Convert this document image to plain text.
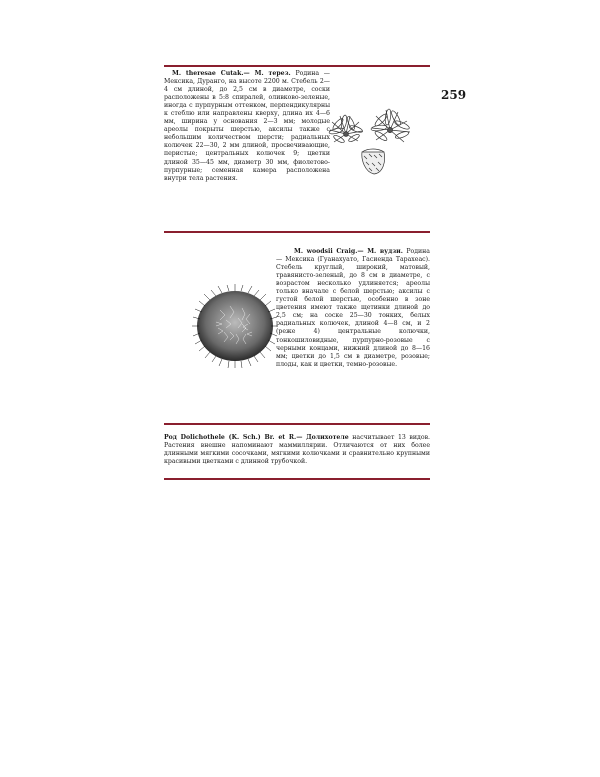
259

M. theresae Cutak.— M. терез. Родина — Мексика, Дуранго, на высоте 2200 м. Стебель 2—4 см длиной, до 2,5 см в диаметре, соски расположены в 5:8 спиралей, оливково-зеленые, иногда с пурпурным оттенком, перпендикулярны к стеблю или направлены кверху, длина их 4—6 мм, ширина у основания 2—3 мм; молодые ареолы покрыты шерстью, аксилы также с небольшим количеством шерсти; радиальных колючек 22—30, 2 мм длиной, просвечивающие, перистые; центральных колючек 9; цветки длиной 35—45 мм, диаметр 30 мм, фиолетово-пурпурные; семенная камера расположена внутри тела растения.

M. woodsii Craig.— M. вудзи. Родина — Мексика (Гуанахуато, Гасиенда Тарахеас). Стебель круглый, широкий, матовый, травянисто-зеленый, до 8 см в диаметре, с возрастом несколько удлиняется; ареолы только вначале с белой шерстью; аксилы с густой белой шерстью, особенно в зоне цветения имеют также щетинки длиной до 2,5 см; на соске 25—30 тонких, белых радиальных колючек, длиной 4—8 см, и 2 (реже 4) центральные колючки, тонкошиловидные, пурпурно-розовые с черными концами, нижний длиной до 8—16 мм; цветки до 1,5 см в диаметре, розовые; плоды, как и цветки, темно-розовые.

Род Dolichothele (K. Sch.) Br. et R.— Долихотеле насчитывает 13 видов. Растения внешне напоминают маммиллярии. Отличаются от них более длинными мягкими сосочками, мягкими колючками и сравнительно крупными красивыми цветками с длинной трубочкой.
